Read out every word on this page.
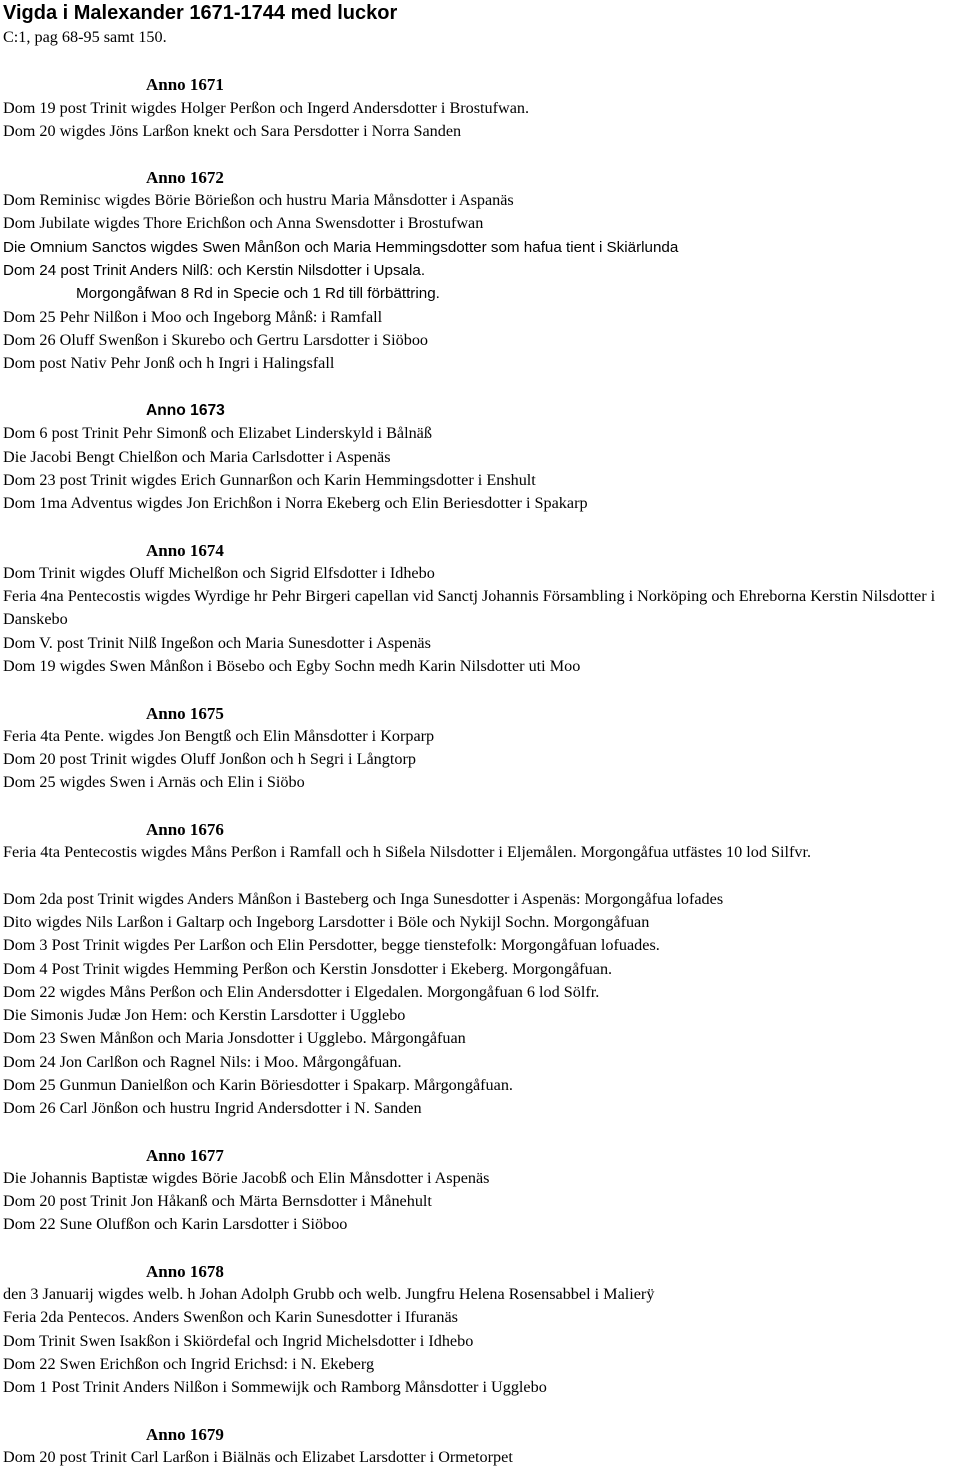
Vigda i Malexander 1671-1744 med luckor
C:1, pag 68-95 samt 150.
Anno 1671
Dom 19 post Trinit wigdes Holger Perßon och Ingerd Andersdotter i Brostufwan.
Dom 20 wigdes Jöns Larßon knekt och Sara Persdotter i Norra Sanden
Anno 1672
Dom Reminisc wigdes Börie Börießon och hustru Maria Månsdotter i Aspanäs
Dom Jubilate wigdes Thore Erichßon och Anna Swensdotter i Brostufwan
Die Omnium Sanctos wigdes Swen Månßon och Maria Hemmingsdotter som hafua tient i Skiärlunda
Dom 24 post Trinit Anders Nilß: och Kerstin Nilsdotter i Upsala.
Morgongåfwan 8 Rd in Specie och 1 Rd till förbättring.
Dom 25 Pehr Nilßon i Moo och Ingeborg Månß: i Ramfall
Dom 26 Oluff Swenßon i Skurebo och Gertru Larsdotter i Siöboo
Dom post Nativ Pehr Jonß och h Ingri i Halingsfall
Anno 1673
Dom 6 post Trinit Pehr Simonß och Elizabet Linderskyld i Bålnäß
Die Jacobi Bengt Chielßon och Maria Carlsdotter i Aspenäs
Dom 23 post Trinit wigdes Erich Gunnarßon och Karin Hemmingsdotter i Enshult
Dom 1ma Adventus wigdes Jon Erichßon i Norra Ekeberg och Elin Beriesdotter i Spakarp
Anno 1674
Dom Trinit wigdes Oluff Michelßon och Sigrid Elfsdotter i Idhebo
Feria 4na Pentecostis wigdes Wyrdige hr Pehr Birgeri capellan vid Sanctj Johannis Försambling i Norköping och Ehreborna Kerstin Nilsdotter i Danskebo
Dom V. post Trinit Nilß Ingeßon och Maria Sunesdotter i Aspenäs
Dom 19 wigdes Swen Månßon i Bösebo och Egby Sochn medh Karin Nilsdotter uti Moo
Anno 1675
Feria 4ta Pente. wigdes Jon Bengtß och Elin Månsdotter i Korparp
Dom 20 post Trinit wigdes Oluff Jonßon och h Segri i Långtorp
Dom 25 wigdes Swen i Arnäs och Elin i Siöbo
Anno 1676
Feria 4ta Pentecostis wigdes Måns Perßon i Ramfall och h Sißela Nilsdotter i Eljemålen. Morgongåfua utfästes 10 lod Silfvr.
Dom 2da post Trinit wigdes Anders Månßon i Basteberg och Inga Sunesdotter i Aspenäs: Morgongåfua lofades
Dito wigdes Nils Larßon i Galtarp och Ingeborg Larsdotter i Böle och Nykijl Sochn. Morgongåfuan
Dom 3 Post Trinit wigdes Per Larßon och Elin Persdotter, begge tienstefolk: Morgongåfuan lofuades.
Dom 4 Post Trinit wigdes Hemming Perßon och Kerstin Jonsdotter i Ekeberg. Morgongåfuan.
Dom 22 wigdes Måns Perßon och Elin Andersdotter i Elgedalen. Morgongåfuan 6 lod Sölfr.
Die Simonis Judæ Jon Hem: och Kerstin Larsdotter i Ugglebo
Dom 23 Swen Månßon och Maria Jonsdotter i Ugglebo. Mårgongåfuan
Dom 24 Jon Carlßon och Ragnel Nils: i Moo. Mårgongåfuan.
Dom 25 Gunmun Danielßon och Karin Böriesdotter i Spakarp. Mårgongåfuan.
Dom 26 Carl Jönßon och hustru Ingrid Andersdotter i N. Sanden
Anno 1677
Die Johannis Baptistæ wigdes Börie Jacobß och Elin Månsdotter i Aspenäs
Dom 20 post Trinit Jon Håkanß och Märta Bernsdotter i Månehult
Dom 22 Sune Olufßon och Karin Larsdotter i Siöboo
Anno 1678
den 3 Januarij wigdes welb. h Johan Adolph Grubb och welb. Jungfru Helena Rosensabbel i Malierÿ
Feria 2da Pentecos. Anders Swenßon och Karin Sunesdotter i Ifuranäs
Dom Trinit Swen Isakßon i Skiördefal och Ingrid Michelsdotter i Idhebo
Dom 22 Swen Erichßon och Ingrid Erichsd: i N. Ekeberg
Dom 1 Post Trinit Anders Nilßon i Sommewijk och Ramborg Månsdotter i Ugglebo
Anno 1679
Dom 20 post Trinit Carl Larßon i Biälnäs och Elizabet Larsdotter i Ormetorpet
